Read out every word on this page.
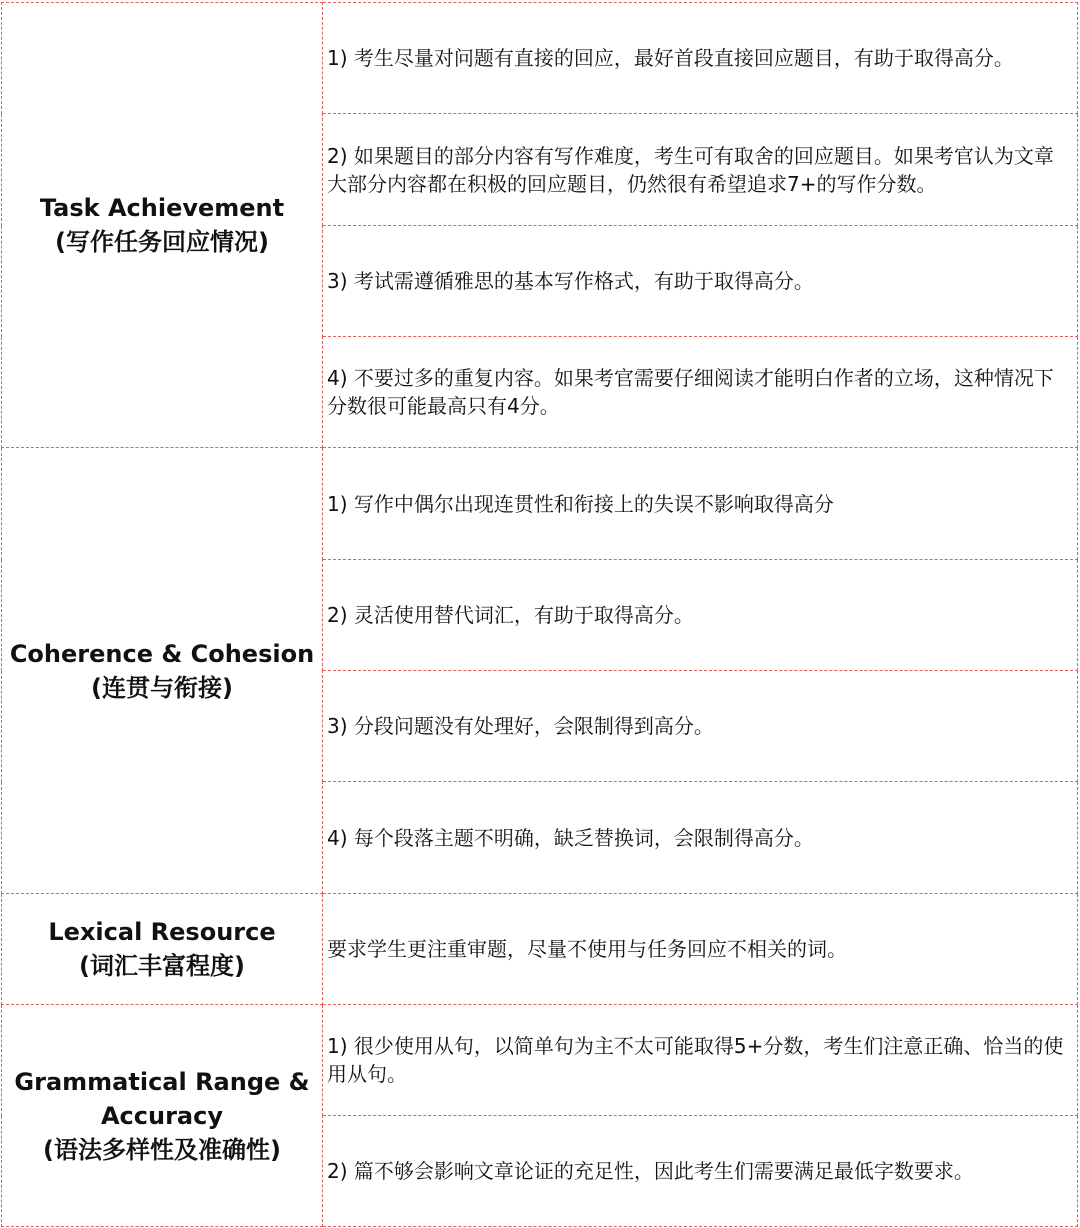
Task Achievement
(写作任务回应情况)	1) 考生尽量对问题有直接的回应，最好首段直接回应题目，有助于取得高分。
	2) 如果题目的部分内容有写作难度，考生可有取舍的回应题目。如果考官认为文章大部分内容都在积极的回应题目，仍然很有希望追求7+的写作分数。
	3) 考试需遵循雅思的基本写作格式，有助于取得高分。
	4) 不要过多的重复内容。如果考官需要仔细阅读才能明白作者的立场，这种情况下分数很可能最高只有4分。

Coherence & Cohesion
(连贯与衔接)	1) 写作中偶尔出现连贯性和衔接上的失误不影响取得高分
	2) 灵活使用替代词汇，有助于取得高分。
	3) 分段问题没有处理好，会限制得到高分。
	4) 每个段落主题不明确，缺乏替换词，会限制得高分。

Lexical Resource
(词汇丰富程度)	要求学生更注重审题，尽量不使用与任务回应不相关的词。

Grammatical Range & Accuracy
(语法多样性及准确性)	1) 很少使用从句，以简单句为主不太可能取得5+分数，考生们注意正确、恰当的使用从句。
	2) 篇不够会影响文章论证的充足性，因此考生们需要满足最低字数要求。
